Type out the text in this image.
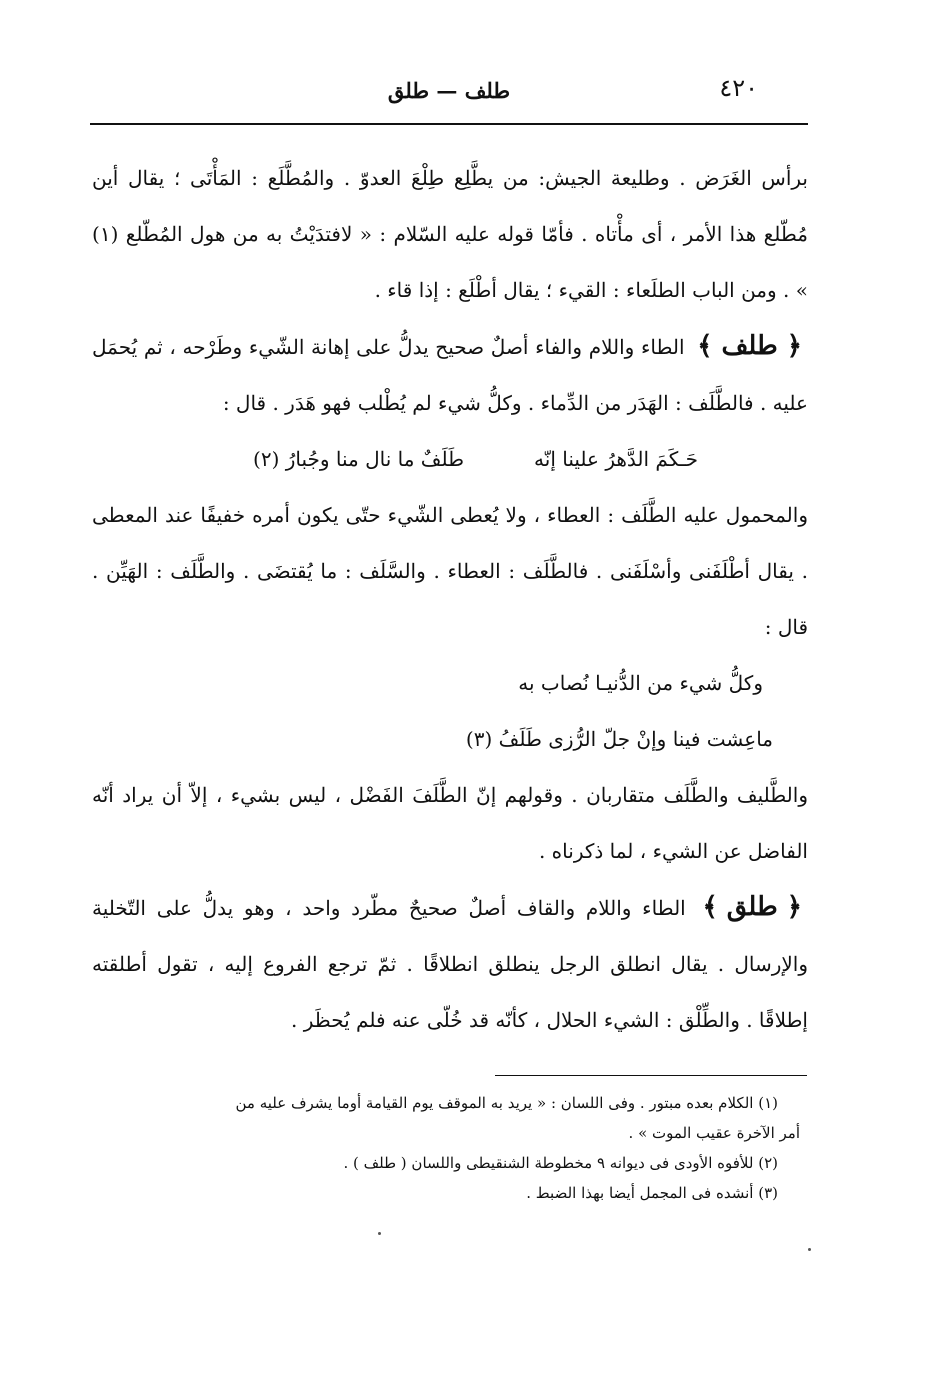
٤٢٠
طلف — طلق

برأس الغَرَض . وطليعة الجيش: من يطَّلِع طِلْعَ العدوّ . والمُطَّلَع : المَأْتَى ؛ يقال أين مُطّلع هذا الأمر ، أى مأْتاه . فأمّا قوله عليه السّلام : « لافتدَيْتُ به من هول المُطّلع (١) » . ومن الباب الطلَعاء : القيء ؛ يقال أطْلَع : إذا قاء .

﴿ طلف ﴾ الطاء واللام والفاء أصلٌ صحيح يدلُّ على إهانة الشّيء وطَرْحه ، ثم يُحمَل عليه . فالطَّلَف : الهَدَر من الدِّماء . وكلُّ شيء لم يُطْلب فهو هَدَر . قال :

حَـكَمَ الدَّهرُ علينا إنّه
طَلَفٌ ما نال منا وجُبارُ (٢)

والمحمول عليه الطَّلَف : العطاء ، ولا يُعطى الشّيء حتّى يكون أمره خفيفًا عند المعطى . يقال أطْلَفَنى وأسْلَفَنى . فالطَّلَف : العطاء . والسَّلَف : ما يُقتضَى . والطَّلَف : الهَيِّن . قال :

وكلُّ شيء من الدُّنيـا نُصاب به

ماعِشت فينا وإنْ جلّ الرُّزى طَلَفُ (٣)

والطَّليف والطَّلَف متقاربان . وقولهم إنّ الطَّلَفَ الفَضْل ، ليس بشيء ، إلاّ أن يراد أنّه الفاضل عن الشيء ، لما ذكرناه .

﴿ طلق ﴾ الطاء واللام والقاف أصلٌ صحيحٌ مطّرد واحد ، وهو يدلُّ على التّخلية والإرسال . يقال انطلق الرجل ينطلق انطلاقًا . ثمّ ترجع الفروع إليه ، تقول أطلقته إطلاقًا . والطِّلْق : الشيء الحلال ، كأنّه قد خُلّى عنه فلم يُحظَر .

(١) الكلام بعده مبتور . وفى اللسان : « يريد به الموقف يوم القيامة أوما يشرف عليه من

أمر الآخرة عقيب الموت » .

(٢) للأفوه الأودى فى ديوانه ٩ مخطوطة الشنقيطى واللسان ( طلف ) .

(٣) أنشده فى المجمل أيضا بهذا الضبط .
